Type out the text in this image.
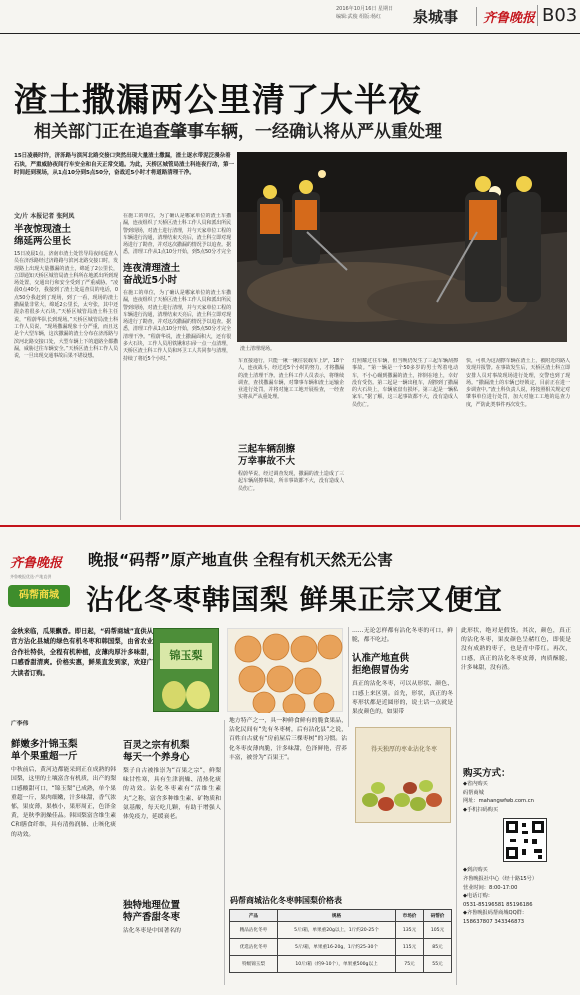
2016年10月16日 星期日
编辑:武俊 组版:杨红	泉城事	齐鲁晚报 B03
渣土撒漏两公里清了大半夜
相关部门正在追查肇事车辆，一经确认将从严从重处理
15日凌晨时许，济泺路与滨河北路交接口突然出现大量渣土撒漏，渣土逐水带泥泛漫杂着石块，严重威胁夜间行车安全和自天正常交通。为此，天桥区城管局渣土科连夜行动，第一时间赶到现场，从1点10分到5点50分，奋战近5小时才将道路清理干净。
文/片 本报记者 张阿凤
半夜惊现渣土
绵延两公里长
15日凌晨1点，济南市渣土处管导局夜间巡查人员在济泺路经过济路路与滨河北路交接口时，发现路上出现大量撒漏的渣土，绵延了2公里长，立即通知天桥区城管局渣土科所在地派出所到现场处置，交通出行和安全受到了严重威胁。“凌晨0点40分，我接到了渣土处巡查员的电话，0点50分我赶到了现场，到了一看，现场的渣土撒漏量非常大，绵延2公里长，太夸张，其中还混杂着很多大石块。”天桥区城管局渣土科主任说，“程蔚华队长到现场。”天桥区城管局渣土科工作人员说，“现场撒漏现象十分严重，而且这是个大型车辆，这次撒漏的渣土分布在济泺路与滨河北路交接口处，大型车辆上下的道路全都撒漏，威胁过往车辆安全。”天桥区渣土科工作人员说，一旦出现交通事故后果不堪设想。
在施工的单位，为了确认是哪家单位的渣土车撒漏，连夜组织了天桥区渣土科工作人员和派出所民警到现场，对渣土进行清理，并与天家单位工程的车辆进行沟通，清理结束天亮后，渣土科立即对现场进行了勘查，并对这次撒漏的情况予以追查。据悉，清理工作从1点10分开始，到5点50分才完全
连夜清理渣土
奋战近5小时
在施工的单位，为了确认是哪家单位的渣土车撒漏，连夜组织了天桥区渣土科工作人员和派出所民警到现场，对渣土进行清理，并与天家单位工程的车辆进行沟通，清理结束天亮后，渣土科立即对现场进行了勘查，并对这次撒漏的情况予以追查。据悉，清理工作从1点10分开始，到5点50分才完全清理干净。“程蔚华说，渣土撒漏面积大，还有很多大石块，工作人员用铁锹和扫帚一点一点清理，天桥区渣土科工作人员和环卫工人共同参与清理，持续了将近5个小时。”
渣土清理现场。
车直接通行，只能一锹一锹往装载车上铲，18个人，连夜战斗，经过近5个小时的努力，才将撒漏的渣土清理干净。渣土科工作人员表示，将继续调查，查找撒漏车辆，对肇事车辆和渣土运输企业进行处罚，并将对施工工地开展检查，一经查实将从严从重处理。
三起车辆刮擦
万幸事故不大
程蔚华说，经过调查发现，撒漏的渣土造成了三起车辆刮擦事故，所幸事故都不大，没有造成人员伤亡。
灯照耀过往车辆，但当晚仍发生了三起车辆刮擦事故。“第一辆是一个50多岁的男士驾着电动车，不小心碾到撒漏的渣土，摔倒在地上，幸好没有受伤。第二起是一辆出租车，刮擦到了撒漏的大石块上，车辆底盘有损坏。第三起是一辆私家车。”据了解，这三起事故都不大，没有造成人员伤亡。
快，可机为这刮擦车辆在渣土上，被附近的路人发现并报警。在事故发生后，天桥区渣土科立即安排人员对事故现场进行处理，交警也到了现场。“撒漏渣土的车辆已经锁定，目前正在进一步调查中。”渣土科负责人说，将按照相关规定对肇事单位进行处罚，加大对施工工地的巡查力度，严防此类事件再次发生。
齐鲁晚报
齐鲁晚报优选·产地直供
码帮商城
晚报“码帮”原产地直供 全程有机天然无公害
沾化冬枣韩国梨 鲜果正宗又便宜
金秋来临，瓜果飘香。即日起，“码帮商城”直供从宫方沾化县城的绿色有机冬枣和韩国梨，由省农业合作社特供，全程有机种植，皮薄肉厚汁多味甜，口感香甜清爽。价格实惠，鲜果直发到家，欢迎广大读者订购。
锦玉梨
广李伟
鲜嫩多汁锦玉梨
单个果重超一斤
中秋前后，黄河边都能采到正在成熟的韩国梨，这里的土壤富含有机质，出产的梨口感酸甜可口，“锦玉梨”已成熟，单个果重超一斤，果肉细嫩，汁多味甜，香气浓郁，果皮薄，果核小，果形周正，色泽金黄，是秋季润燥佳品。韩国梨富含维生素C和膳食纤维，具有清热润肺、止咳化痰的功效。
百灵之宗有机梨
每天一个养身心
梨子自古被推崇为“百果之宗”，鲜梨味甘性寒，具有生津润燥、清热化痰的功效。沾化冬枣素有“活维生素丸”之称，富含多种维生素、矿物质和氨基酸，每天吃几颗，有助于增强人体免疫力，延缓衰老。
独特地理位置
特产香甜冬枣
沾化冬枣是中国著名的
地方特产之一，具一种鲜食鲜有的脆食果品，沾化民间有“先有冬枣树，后有沾化县”之说，百姓自古就有“房前屋后三棵枣树”的习惯。沾化冬枣皮薄肉脆，汁多味甜，色泽鲜艳，营养丰富，被誉为“百果王”。
……无论怎样都有沾化冬枣的可口，鲜脆，都不吃过。
认准产地直供
拒绝假冒伪劣
真正的沾化冬枣，可以从形状、颜色、口感上来区别。首先，形状，真正的冬枣形状都是近圆形的，说土话一点就是果皮颜色的，如果带
得天独厚的枣业沾化冬枣
此形状，绝对是假货。其次，颜色，真正的沾化冬枣，果皮颜色呈赭红色，即使是没有成熟的枣子，也是青中带红。再次，口感，真正的沾化冬枣皮薄，肉质酥脆，汁多味甜，没有渣。
码帮商城沾化冬枣韩国梨价格表
产品	规格	市场价	码帮价
精品沾化冬枣	5斤/箱，单果重20g以上，1斤约20-25个	135元	105元
优选沾化冬枣	5斤/箱，单果重16-20g，1斤约25-30个	115元	85元
特级锦玉梨	10斤/箱（约9-10个），单果重500g以上	75元	55元
购买方式：
◆省内购买
码帮商城
网址：mahangwfwb.com.cn
◆手机扫码购买
◆到店购买
齐鲁晚报社中心（经十路15号）
营业时间：8:00-17:00
◆电话订购：
0531-85196581 85196186
◆齐鲁晚报码帮商城QQ群：
158637807 343346873
